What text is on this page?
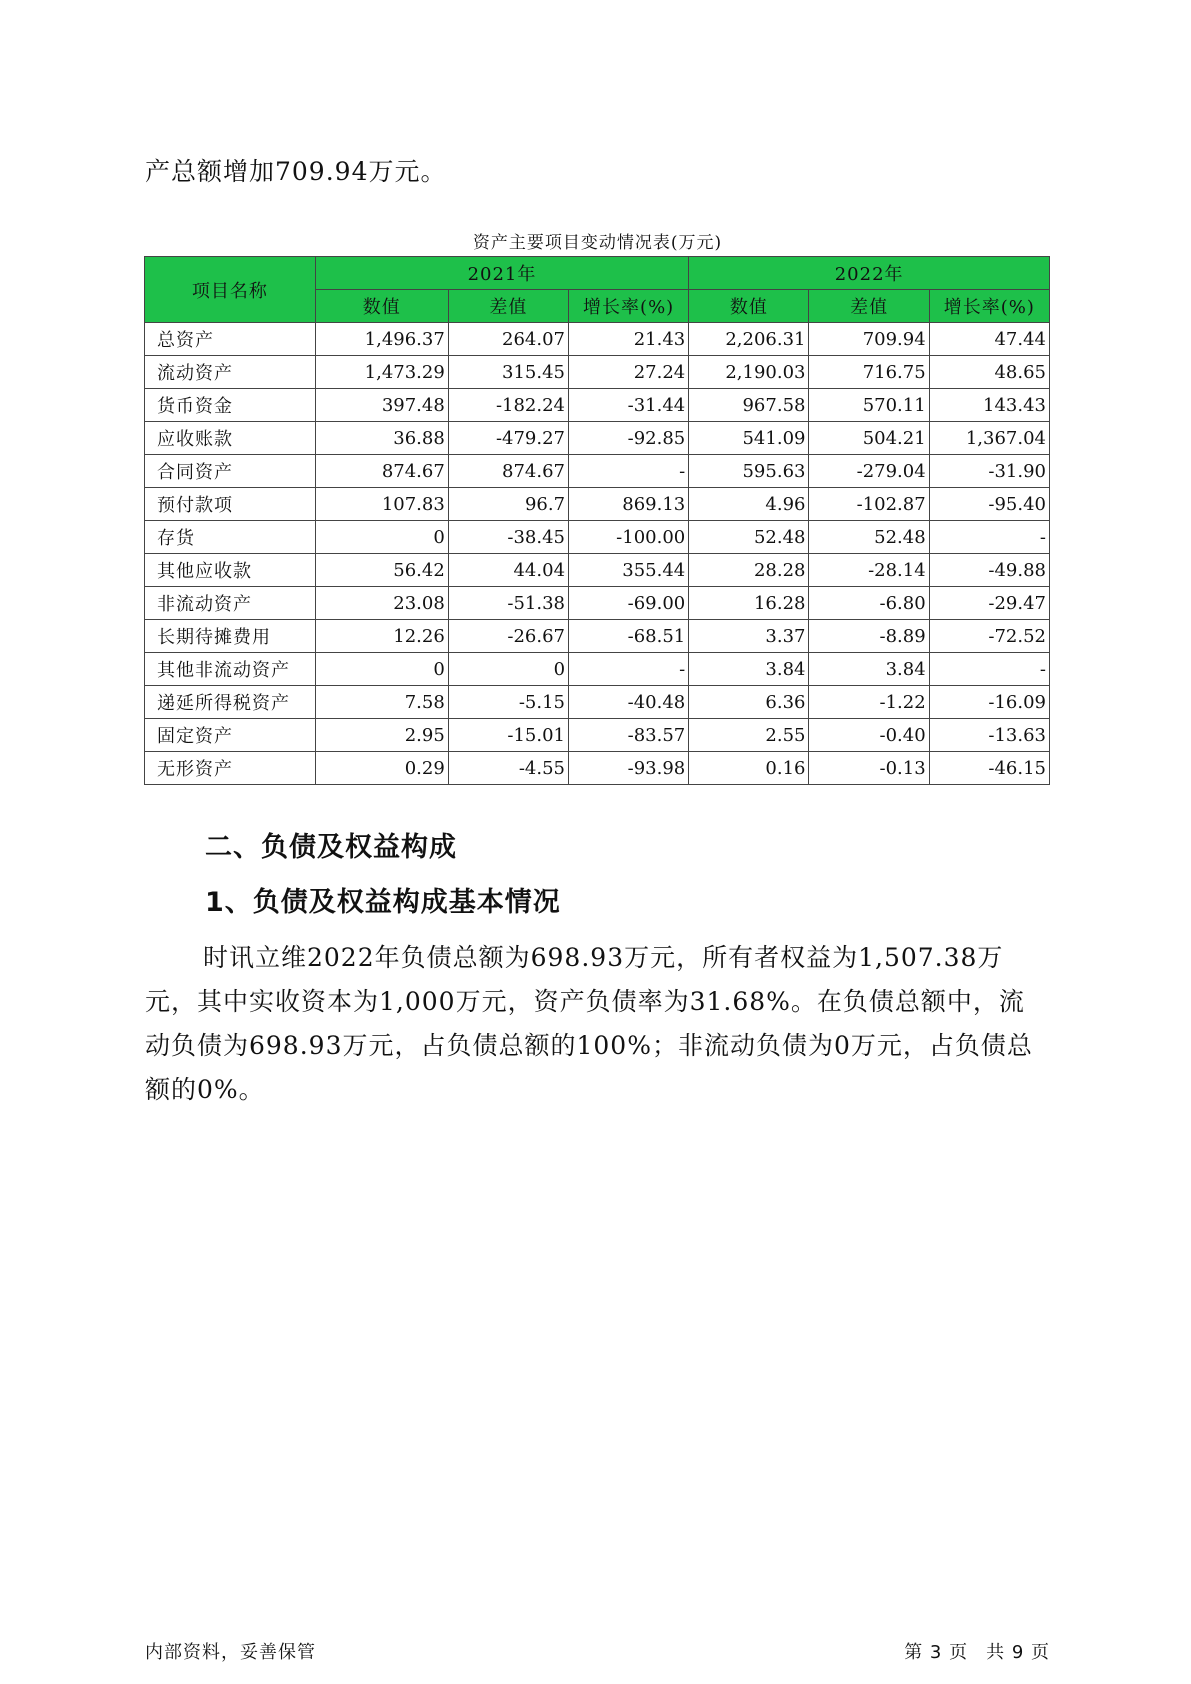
产总额增加709.94万元。
资产主要项目变动情况表(万元)
项目名称	2021年			2022年		
	数值	差值	增长率(%)	数值	差值	增长率(%)
总资产	1,496.37	264.07	21.43	2,206.31	709.94	47.44
流动资产	1,473.29	315.45	27.24	2,190.03	716.75	48.65
货币资金	397.48	-182.24	-31.44	967.58	570.11	143.43
应收账款	36.88	-479.27	-92.85	541.09	504.21	1,367.04
合同资产	874.67	874.67	-	595.63	-279.04	-31.90
预付款项	107.83	96.7	869.13	4.96	-102.87	-95.40
存货	0	-38.45	-100.00	52.48	52.48	-
其他应收款	56.42	44.04	355.44	28.28	-28.14	-49.88
非流动资产	23.08	-51.38	-69.00	16.28	-6.80	-29.47
长期待摊费用	12.26	-26.67	-68.51	3.37	-8.89	-72.52
其他非流动资产	0	0	-	3.84	3.84	-
递延所得税资产	7.58	-5.15	-40.48	6.36	-1.22	-16.09
固定资产	2.95	-15.01	-83.57	2.55	-0.40	-13.63
无形资产	0.29	-4.55	-93.98	0.16	-0.13	-46.15
二、负债及权益构成
1、负债及权益构成基本情况
时讯立维2022年负债总额为698.93万元，所有者权益为1,507.38万元，其中实收资本为1,000万元，资产负债率为31.68%。在负债总额中，流动负债为698.93万元，占负债总额的100%；非流动负债为0万元，占负债总额的0%。
内部资料，妥善保管	第 3 页 共 9 页
